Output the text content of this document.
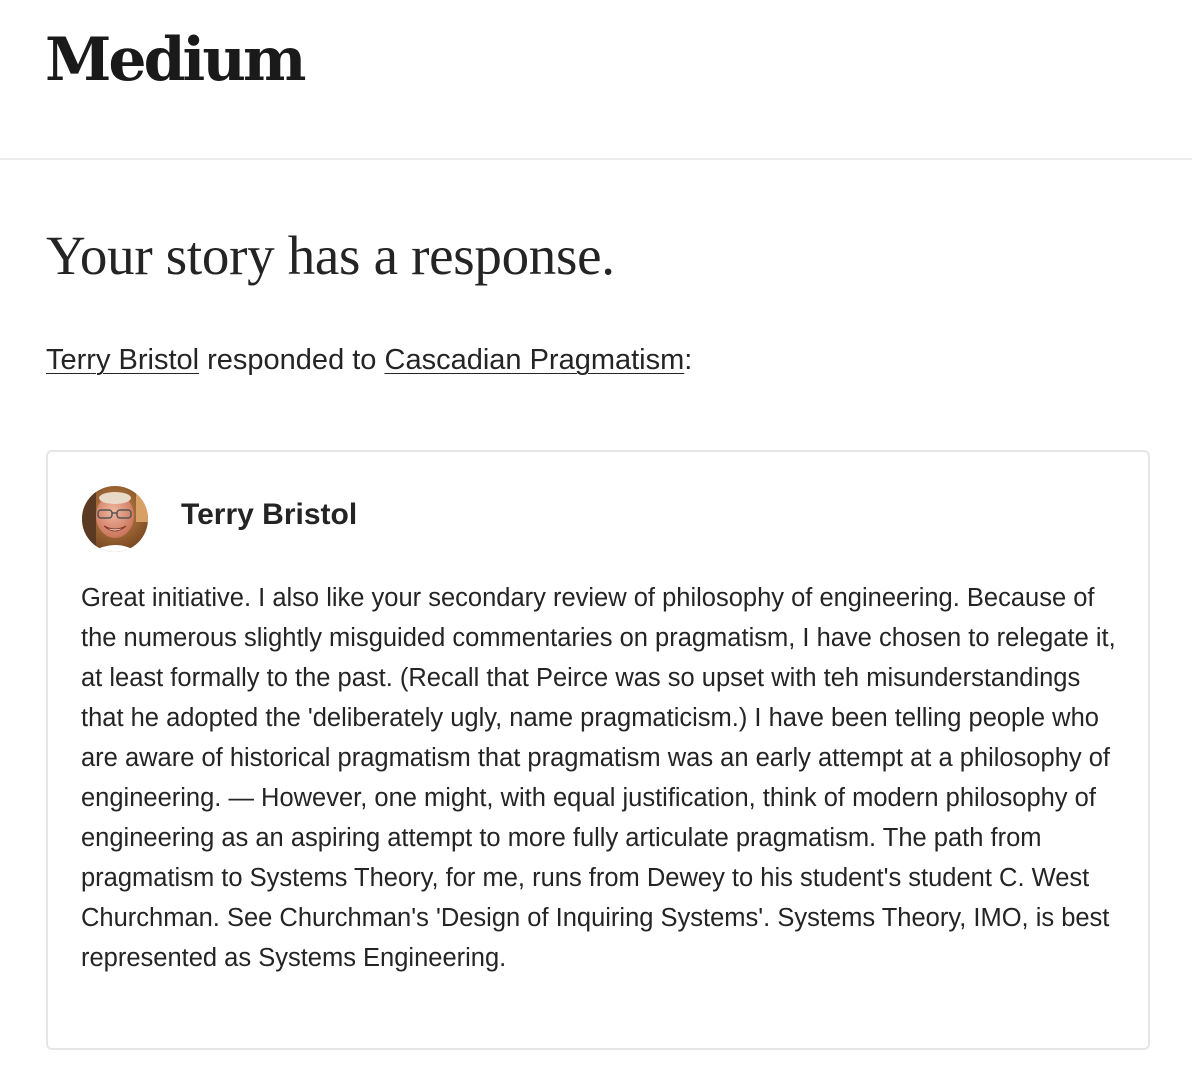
Medium
Your story has a response.
Terry Bristol responded to Cascadian Pragmatism:
Terry Bristol
Great initiative. I also like your secondary review of philosophy of engineering. Because of the numerous slightly misguided commentaries on pragmatism, I have chosen to relegate it, at least formally to the past. (Recall that Peirce was so upset with teh misunderstandings that he adopted the 'deliberately ugly, name pragmaticism.) I have been telling people who are aware of historical pragmatism that pragmatism was an early attempt at a philosophy of engineering. — However, one might, with equal justification, think of modern philosophy of engineering as an aspiring attempt to more fully articulate pragmatism. The path from pragmatism to Systems Theory, for me, runs from Dewey to his student's student C. West Churchman. See Churchman's 'Design of Inquiring Systems'. Systems Theory, IMO, is best represented as Systems Engineering.
